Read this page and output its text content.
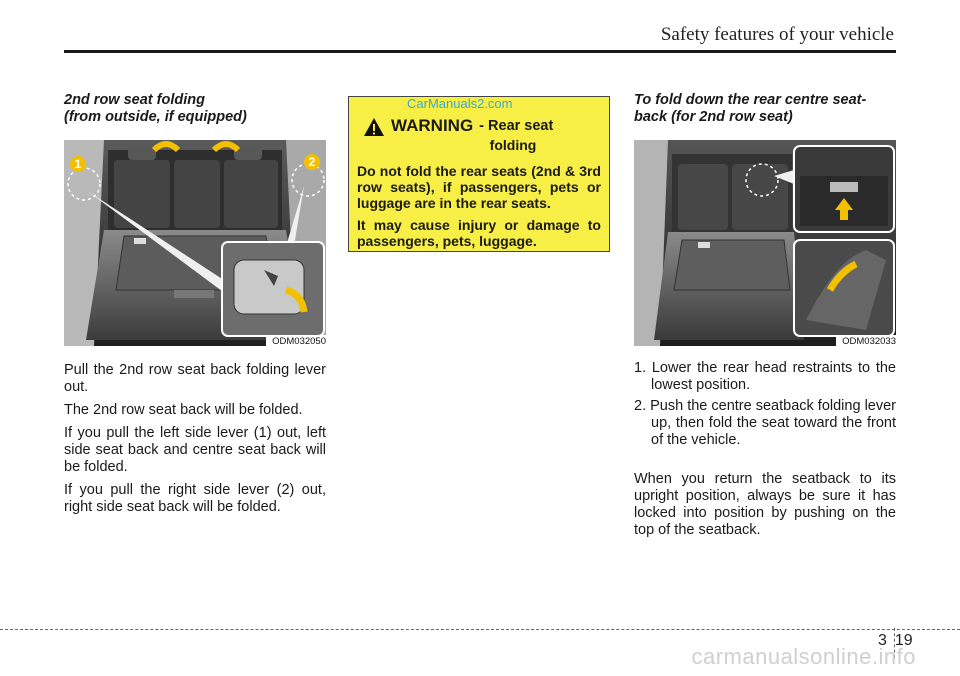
Safety features of your vehicle
2nd row seat folding
(from outside, if equipped)
1	2
ODM032050

Pull the 2nd row seat back folding lever out.

The 2nd row seat back will be folded.

If you pull the left side lever (1) out, left side seat back and centre seat back will be folded.

If you pull the right side lever (2) out, right side seat back will be folded.

CarManuals2.com
WARNING - Rear seat
folding
Do not fold the rear seats (2nd & 3rd row seats), if passengers, pets or luggage are in the rear seats.
It may cause injury or damage to passengers, pets, luggage.
To fold down the rear centre seat-
back (for 2nd row seat)
ODM032033
1. Lower the rear head restraints to the lowest position.
2. Push the centre seatback folding lever up, then fold the seat toward the front of the vehicle.

When you return the seatback to its upright position, always be sure it has locked into position by pushing on the top of the seatback.

3 19
carmanualsonline.info
